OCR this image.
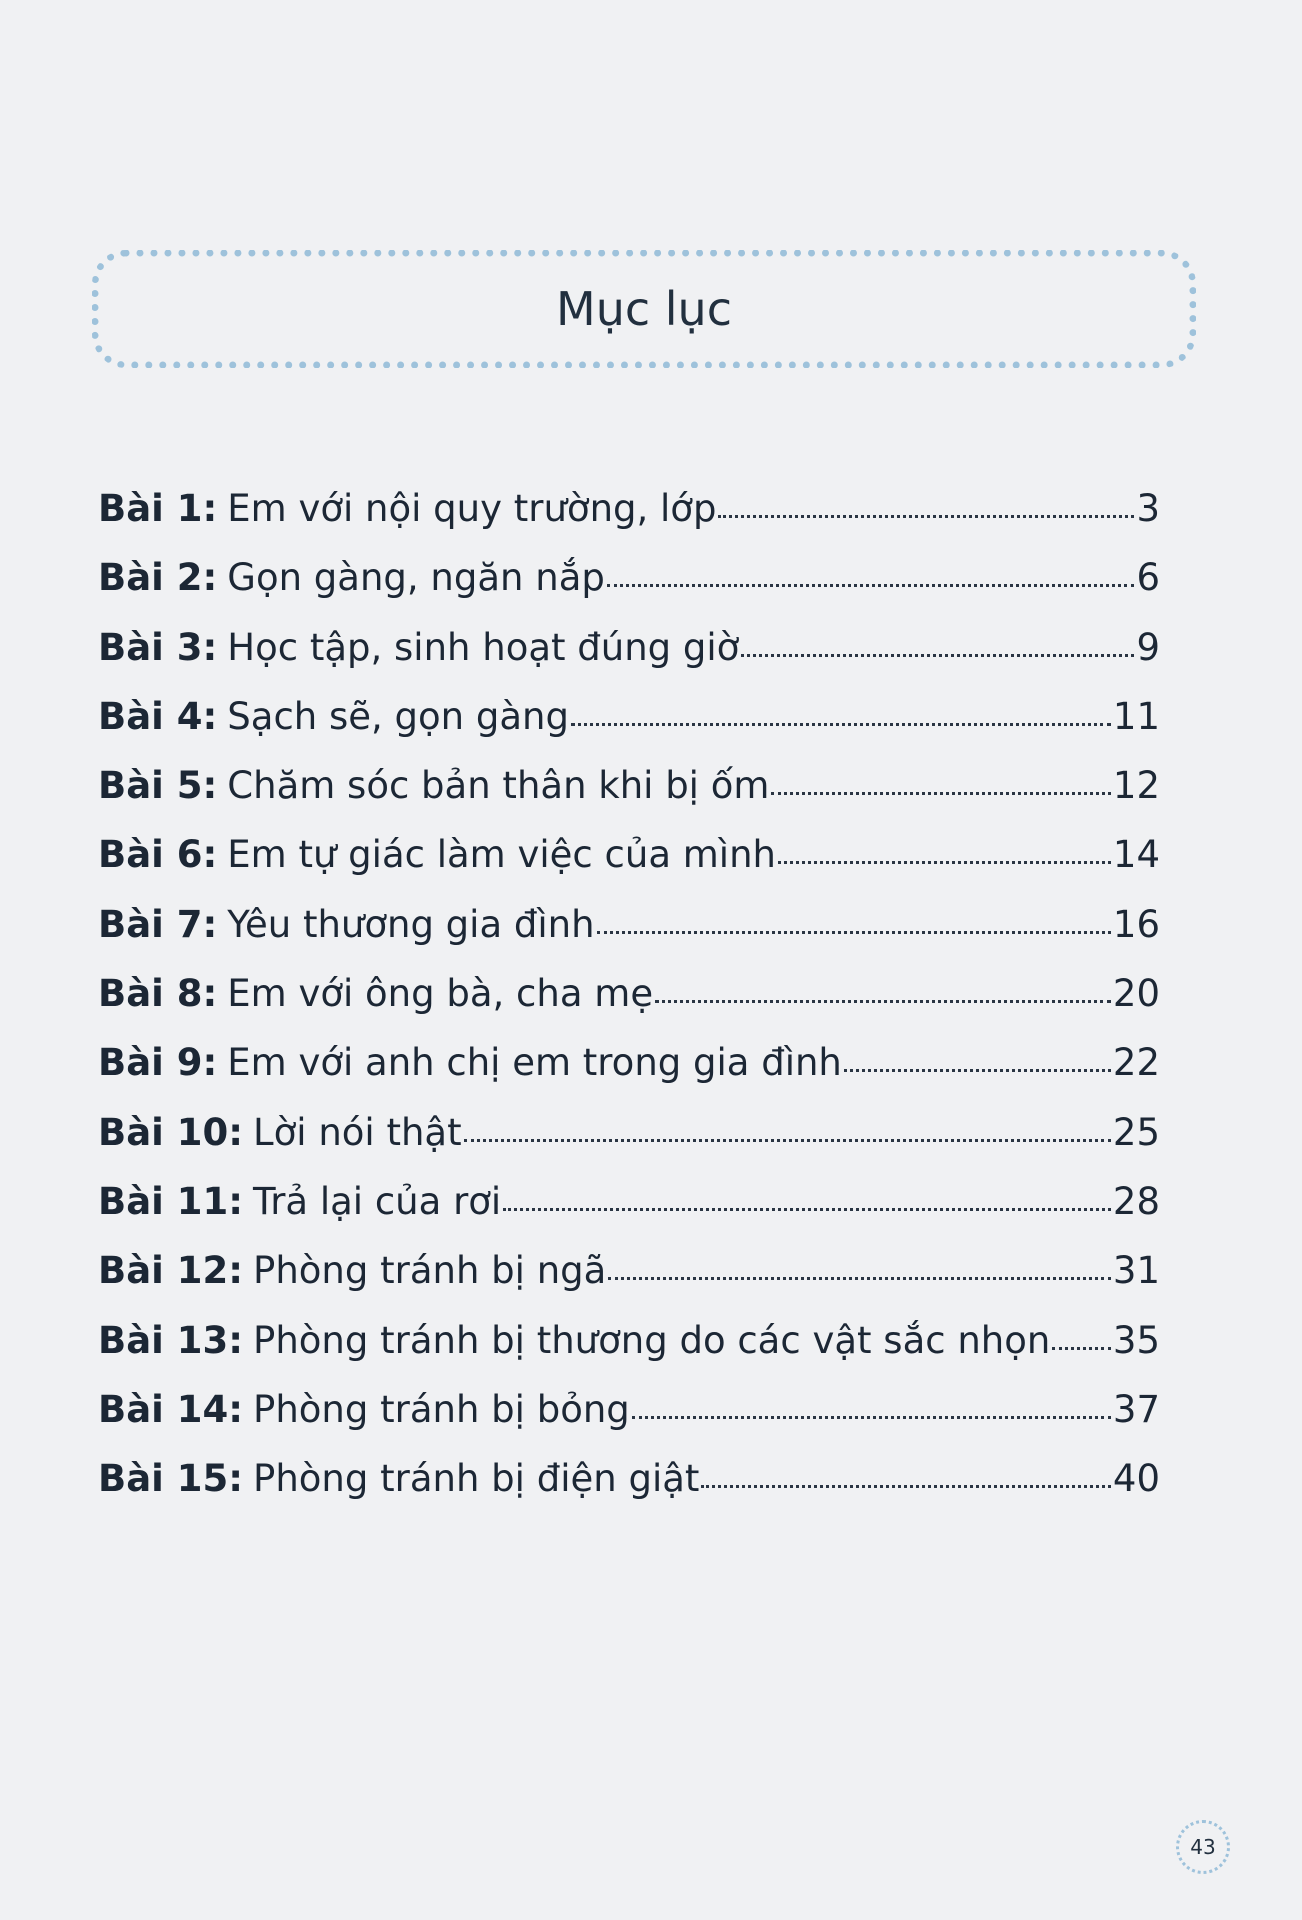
Mục lục
Bài 1: Em với nội quy trường, lớp	3
Bài 2: Gọn gàng, ngăn nắp	6
Bài 3: Học tập, sinh hoạt đúng giờ	9
Bài 4: Sạch sẽ, gọn gàng	11
Bài 5: Chăm sóc bản thân khi bị ốm	12
Bài 6: Em tự giác làm việc của mình	14
Bài 7: Yêu thương gia đình	16
Bài 8: Em với ông bà, cha mẹ	20
Bài 9: Em với anh chị em trong gia đình	22
Bài 10: Lời nói thật	25
Bài 11: Trả lại của rơi	28
Bài 12: Phòng tránh bị ngã	31
Bài 13: Phòng tránh bị thương do các vật sắc nhọn 35
Bài 14: Phòng tránh bị bỏng	37
Bài 15: Phòng tránh bị điện giật	40
43
